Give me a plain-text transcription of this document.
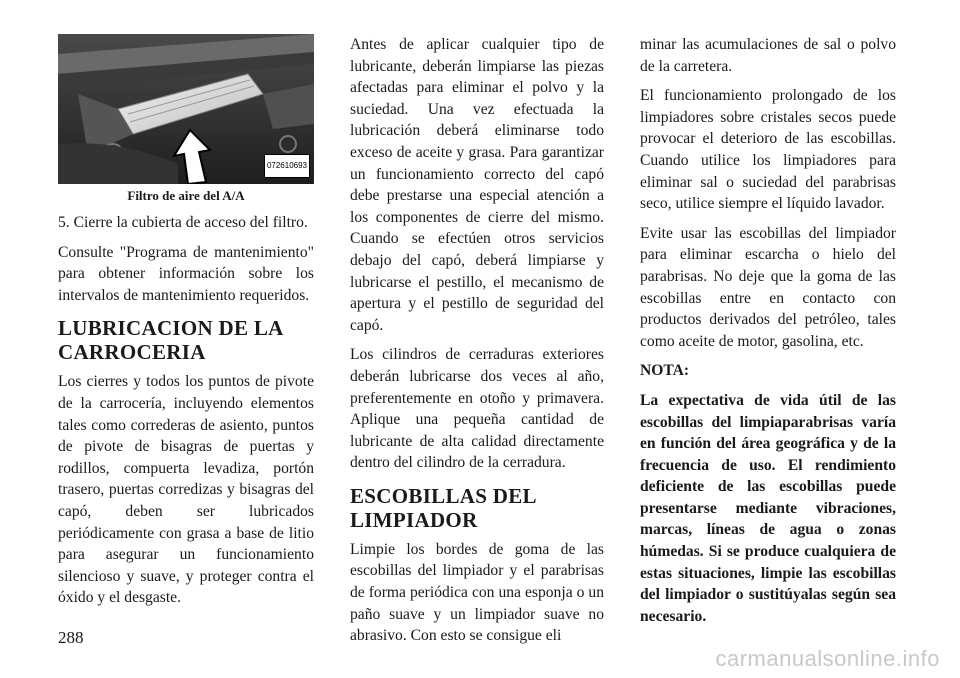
072610693
Filtro de aire del A/A

5. Cierre la cubierta de acceso del filtro.

Consulte "Programa de mantenimiento" para obtener información sobre los intervalos de mantenimiento requeridos.

LUBRICACION DE LA CARROCERIA

Los cierres y todos los puntos de pivote de la carrocería, incluyendo elementos tales como correderas de asiento, puntos de pivote de bisagras de puertas y rodillos, compuerta levadiza, portón trasero, puertas corredizas y bisagras del capó, deben ser lubricados periódicamente con grasa a base de litio para asegurar un funcionamiento silencioso y suave, y proteger contra el óxido y el desgaste.

Antes de aplicar cualquier tipo de lubricante, deberán limpiarse las piezas afectadas para eliminar el polvo y la suciedad. Una vez efectuada la lubricación deberá eliminarse todo exceso de aceite y grasa. Para garantizar un funcionamiento correcto del capó debe prestarse una especial atención a los componentes de cierre del mismo. Cuando se efectúen otros servicios debajo del capó, deberá limpiarse y lubricarse el pestillo, el mecanismo de apertura y el pestillo de seguridad del capó.

Los cilindros de cerraduras exteriores deberán lubricarse dos veces al año, preferentemente en otoño y primavera. Aplique una pequeña cantidad de lubricante de alta calidad directamente dentro del cilindro de la cerradura.

ESCOBILLAS DEL LIMPIADOR

Limpie los bordes de goma de las escobillas del limpiador y el parabrisas de forma periódica con una esponja o un paño suave y un limpiador suave no abrasivo. Con esto se consigue eli

minar las acumulaciones de sal o polvo de la carretera.

El funcionamiento prolongado de los limpiadores sobre cristales secos puede provocar el deterioro de las escobillas. Cuando utilice los limpiadores para eliminar sal o suciedad del parabrisas seco, utilice siempre el líquido lavador.

Evite usar las escobillas del limpiador para eliminar escarcha o hielo del parabrisas. No deje que la goma de las escobillas entre en contacto con productos derivados del petróleo, tales como aceite de motor, gasolina, etc.

NOTA:

La expectativa de vida útil de las escobillas del limpiaparabrisas varía en función del área geográfica y de la frecuencia de uso. El rendimiento deficiente de las escobillas puede presentarse mediante vibraciones, marcas, líneas de agua o zonas húmedas. Si se produce cualquiera de estas situaciones, limpie las escobillas del limpiador o sustitúyalas según sea necesario.

288
carmanualsonline.info
